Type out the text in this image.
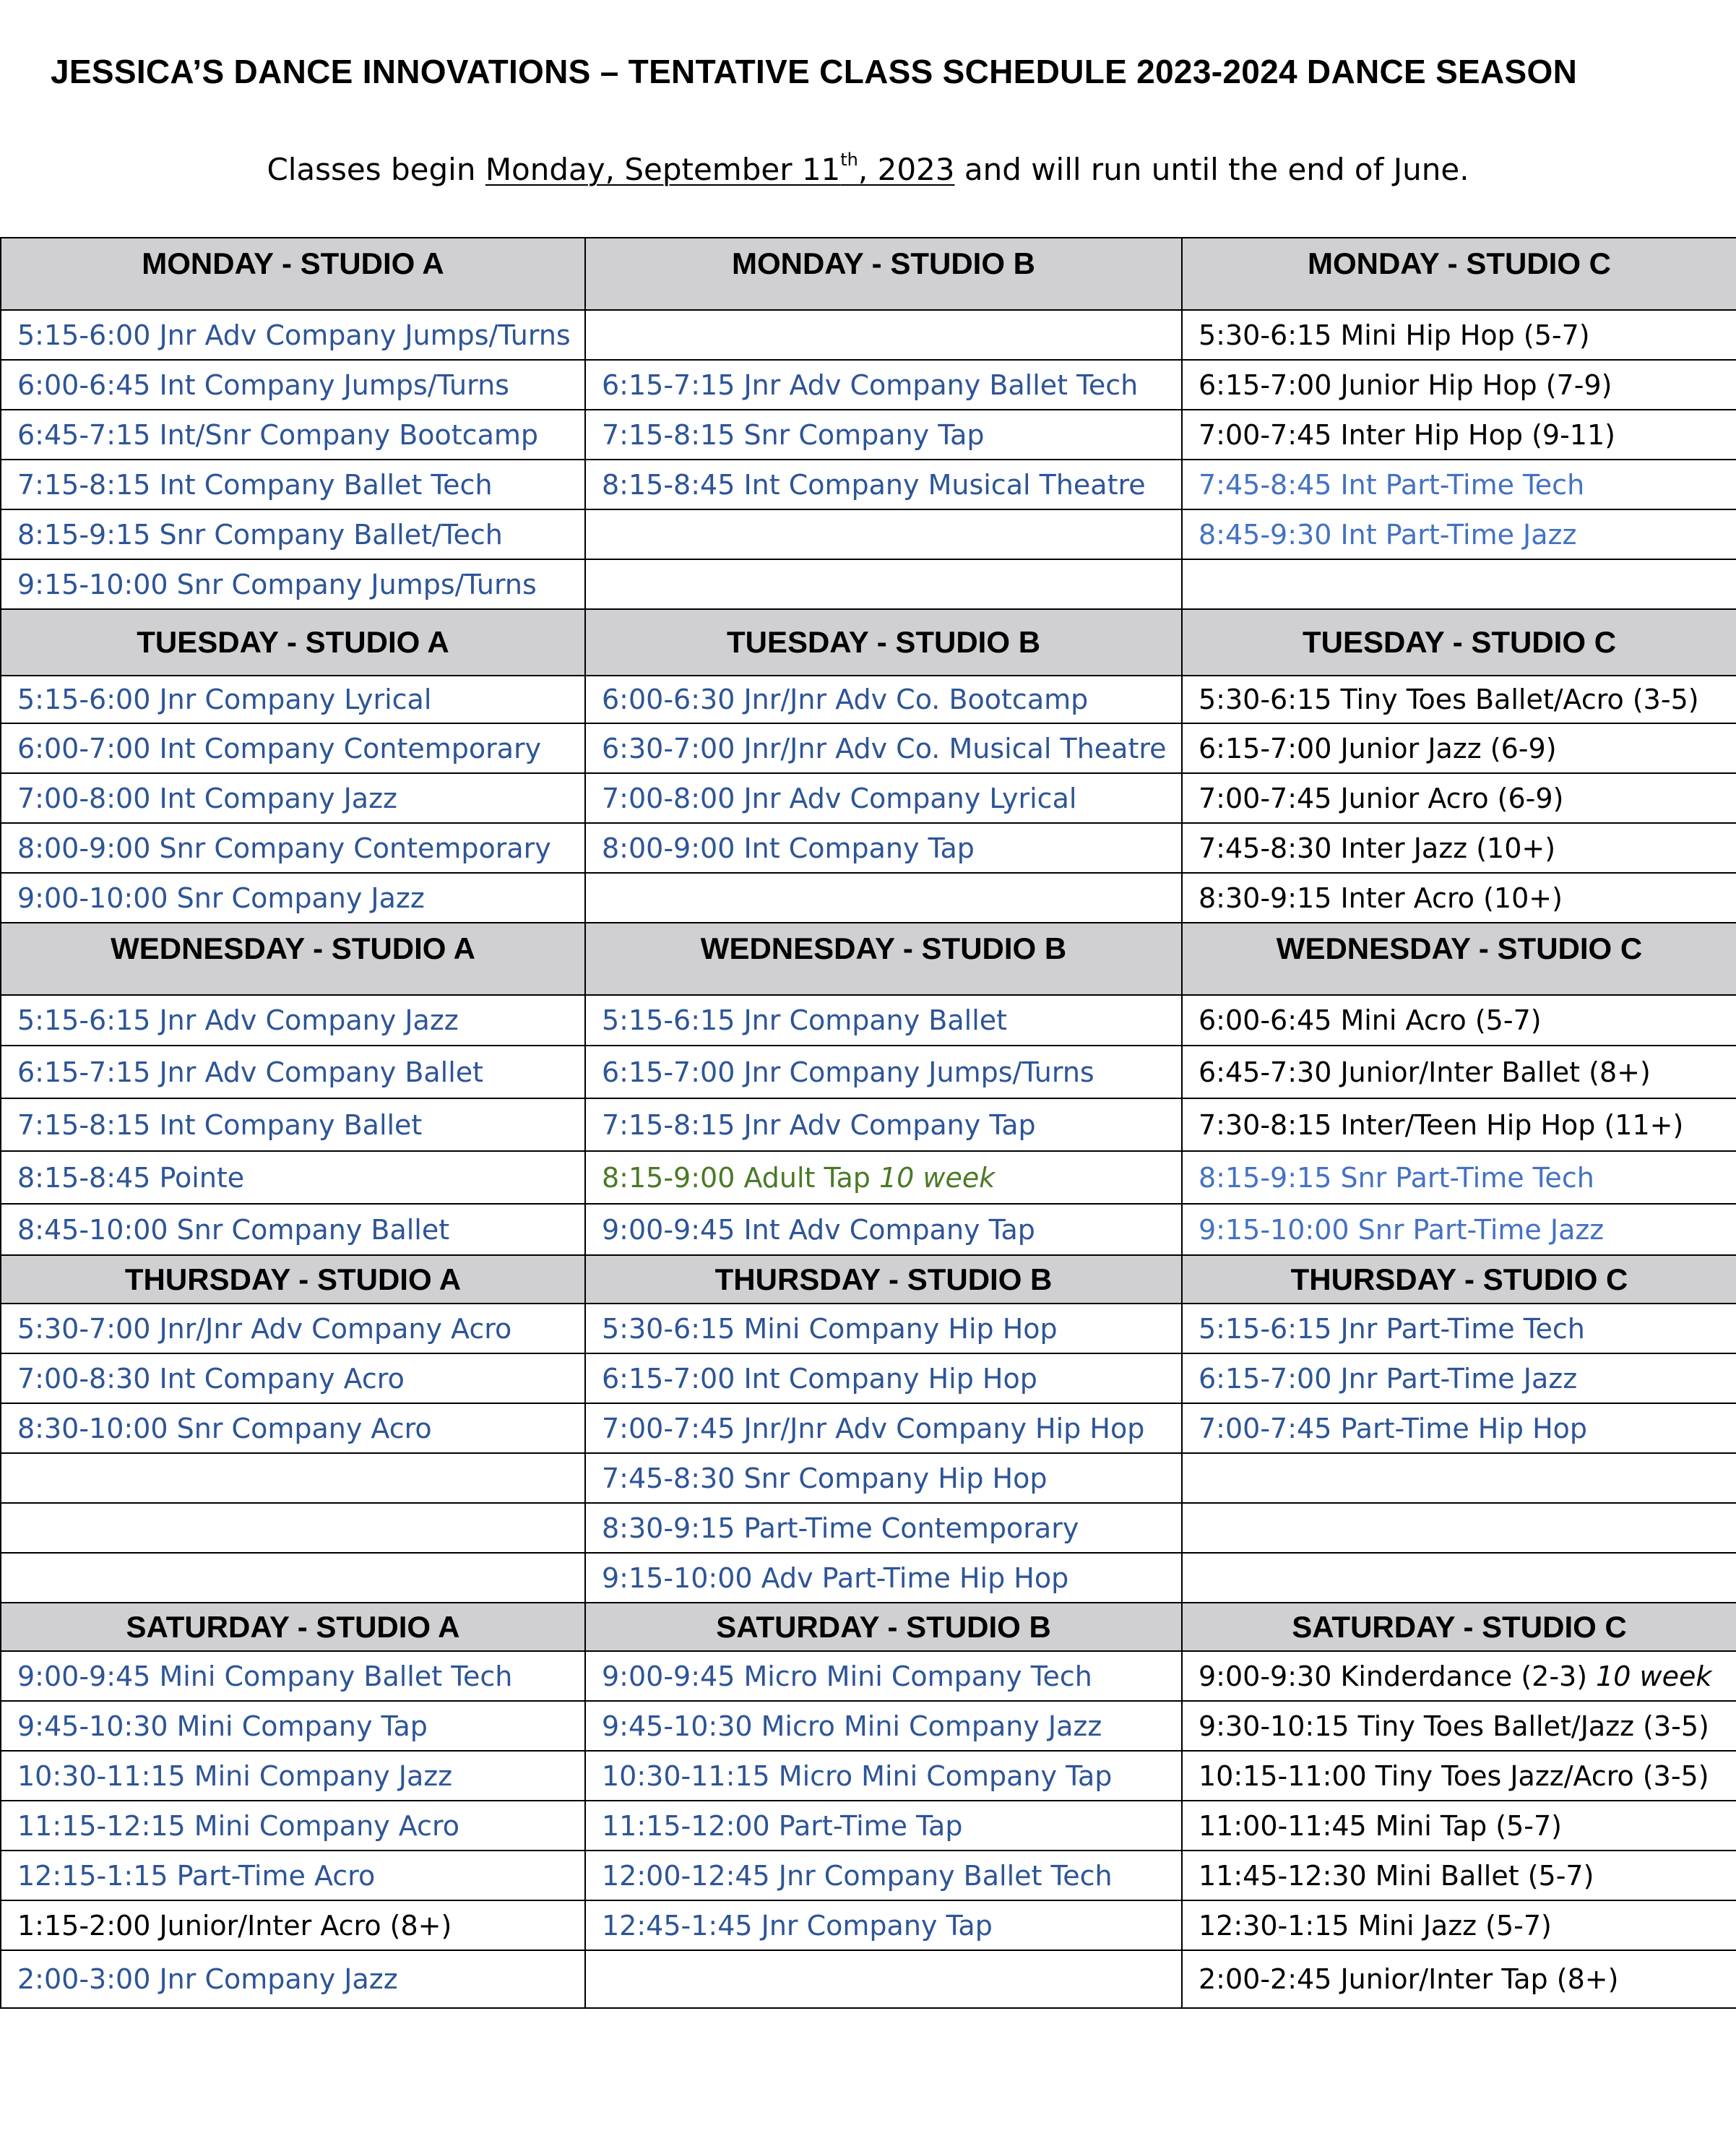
JESSICA’S DANCE INNOVATIONS – TENTATIVE CLASS SCHEDULE 2023-2024 DANCE SEASON
Classes begin Monday, September 11th, 2023 and will run until the end of June.
MONDAY - STUDIO A	MONDAY - STUDIO B	MONDAY - STUDIO C
5:15-6:00 Jnr Adv Company Jumps/Turns		5:30-6:15 Mini Hip Hop (5-7)
6:00-6:45 Int Company Jumps/Turns	6:15-7:15 Jnr Adv Company Ballet Tech	6:15-7:00 Junior Hip Hop (7-9)
6:45-7:15 Int/Snr Company Bootcamp	7:15-8:15 Snr Company Tap	7:00-7:45 Inter Hip Hop (9-11)
7:15-8:15 Int Company Ballet Tech	8:15-8:45 Int Company Musical Theatre	7:45-8:45 Int Part-Time Tech
8:15-9:15 Snr Company Ballet/Tech		8:45-9:30 Int Part-Time Jazz
9:15-10:00 Snr Company Jumps/Turns		
TUESDAY - STUDIO A	TUESDAY - STUDIO B	TUESDAY - STUDIO C
5:15-6:00 Jnr Company Lyrical	6:00-6:30 Jnr/Jnr Adv Co. Bootcamp	5:30-6:15 Tiny Toes Ballet/Acro (3-5)
6:00-7:00 Int Company Contemporary	6:30-7:00 Jnr/Jnr Adv Co. Musical Theatre	6:15-7:00 Junior Jazz (6-9)
7:00-8:00 Int Company Jazz	7:00-8:00 Jnr Adv Company Lyrical	7:00-7:45 Junior Acro (6-9)
8:00-9:00 Snr Company Contemporary	8:00-9:00 Int Company Tap	7:45-8:30 Inter Jazz (10+)
9:00-10:00 Snr Company Jazz		8:30-9:15 Inter Acro (10+)
WEDNESDAY - STUDIO A	WEDNESDAY - STUDIO B	WEDNESDAY - STUDIO C
5:15-6:15 Jnr Adv Company Jazz	5:15-6:15 Jnr Company Ballet	6:00-6:45 Mini Acro (5-7)
6:15-7:15 Jnr Adv Company Ballet	6:15-7:00 Jnr Company Jumps/Turns	6:45-7:30 Junior/Inter Ballet (8+)
7:15-8:15 Int Company Ballet	7:15-8:15 Jnr Adv Company Tap	7:30-8:15 Inter/Teen Hip Hop (11+)
8:15-8:45 Pointe	8:15-9:00 Adult Tap 10 week	8:15-9:15 Snr Part-Time Tech
8:45-10:00 Snr Company Ballet	9:00-9:45 Int Adv Company Tap	9:15-10:00 Snr Part-Time Jazz
THURSDAY - STUDIO A	THURSDAY - STUDIO B	THURSDAY - STUDIO C
5:30-7:00 Jnr/Jnr Adv Company Acro	5:30-6:15 Mini Company Hip Hop	5:15-6:15 Jnr Part-Time Tech
7:00-8:30 Int Company Acro	6:15-7:00 Int Company Hip Hop	6:15-7:00 Jnr Part-Time Jazz
8:30-10:00 Snr Company Acro	7:00-7:45 Jnr/Jnr Adv Company Hip Hop	7:00-7:45 Part-Time Hip Hop
	7:45-8:30 Snr Company Hip Hop	
	8:30-9:15 Part-Time Contemporary	
	9:15-10:00 Adv Part-Time Hip Hop	
SATURDAY - STUDIO A	SATURDAY - STUDIO B	SATURDAY - STUDIO C
9:00-9:45 Mini Company Ballet Tech	9:00-9:45 Micro Mini Company Tech	9:00-9:30 Kinderdance (2-3) 10 week
9:45-10:30 Mini Company Tap	9:45-10:30 Micro Mini Company Jazz	9:30-10:15 Tiny Toes Ballet/Jazz (3-5)
10:30-11:15 Mini Company Jazz	10:30-11:15 Micro Mini Company Tap	10:15-11:00 Tiny Toes Jazz/Acro (3-5)
11:15-12:15 Mini Company Acro	11:15-12:00 Part-Time Tap	11:00-11:45 Mini Tap (5-7)
12:15-1:15 Part-Time Acro	12:00-12:45 Jnr Company Ballet Tech	11:45-12:30 Mini Ballet (5-7)
1:15-2:00 Junior/Inter Acro (8+)	12:45-1:45 Jnr Company Tap	12:30-1:15 Mini Jazz (5-7)
2:00-3:00 Jnr Company Jazz		2:00-2:45 Junior/Inter Tap (8+)
